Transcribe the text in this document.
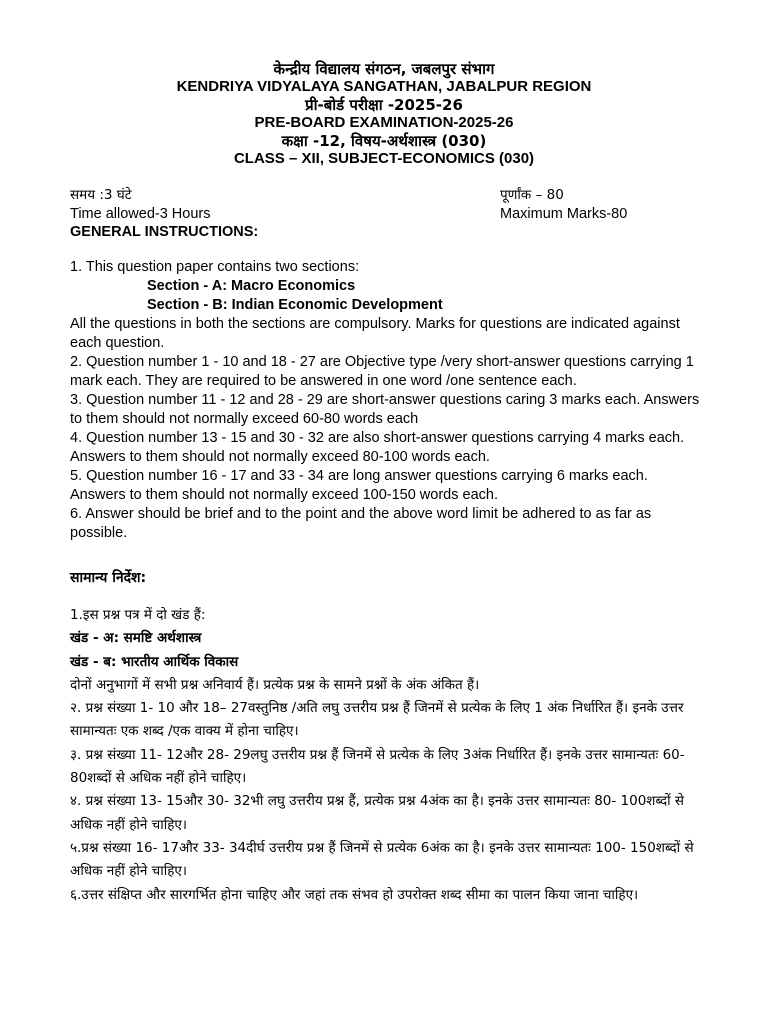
केन्द्रीय विद्यालय संगठन, जबलपुर संभाग
KENDRIYA VIDYALAYA SANGATHAN, JABALPUR REGION
प्री-बोर्ड परीक्षा -2025-26
PRE-BOARD EXAMINATION-2025-26
कक्षा -12, विषय-अर्थशास्त्र (030)
CLASS – XII, SUBJECT-ECONOMICS (030)
समय :3 घंटे	पूर्णांक – 80
Time allowed-3 Hours	Maximum Marks-80
GENERAL INSTRUCTIONS:
1. This question paper contains two sections:
Section - A: Macro Economics
Section - B: Indian Economic Development
All the questions in both the sections are compulsory. Marks for questions are indicated against each question.
2. Question number 1 - 10 and 18 - 27 are Objective type /very short-answer questions carrying 1 mark each. They are required to be answered in one word /one sentence each.
3. Question number 11 - 12 and 28 - 29 are short-answer questions caring 3 marks each. Answers to them should not normally exceed 60-80 words each
4. Question number 13 - 15 and 30 - 32 are also short-answer questions carrying 4 marks each. Answers to them should not normally exceed 80-100 words each.
5. Question number 16 - 17 and 33 - 34 are long answer questions carrying 6 marks each. Answers to them should not normally exceed 100-150 words each.
6. Answer should be brief and to the point and the above word limit be adhered to as far as possible.
सामान्य निर्देश:
1.इस प्रश्न पत्र में दो खंड हैं:
खंड - अ: समष्टि अर्थशास्त्र
खंड - ब: भारतीय आर्थिक विकास
दोनों अनुभागों में सभी प्रश्न अनिवार्य हैं। प्रत्येक प्रश्न के सामने प्रश्नों के अंक अंकित हैं।
२. प्रश्न संख्या 1- 10 और 18– 27वस्तुनिष्ठ /अति लघु उत्तरीय प्रश्न हैं जिनमें से प्रत्येक के लिए 1 अंक निर्धारित हैं। इनके उत्तर सामान्यतः एक शब्द /एक वाक्य में होना चाहिए।
३. प्रश्न संख्या 11- 12और 28- 29लघु उत्तरीय प्रश्न हैं जिनमें से प्रत्येक के लिए 3अंक निर्धारित हैं। इनके उत्तर सामान्यतः 60- 80शब्दों से अधिक नहीं होने चाहिए।
४. प्रश्न संख्या 13- 15और 30- 32भी लघु उत्तरीय प्रश्न हैं, प्रत्येक प्रश्न 4अंक का है। इनके उत्तर सामान्यतः 80- 100शब्दों से अधिक नहीं होने चाहिए।
५.प्रश्न संख्या 16- 17और 33- 34दीर्घ उत्तरीय प्रश्न हैं जिनमें से प्रत्येक 6अंक का है। इनके उत्तर सामान्यतः 100- 150शब्दों से अधिक नहीं होने चाहिए।
६.उत्तर संक्षिप्त और सारगर्भित होना चाहिए और जहां तक संभव हो उपरोक्त शब्द सीमा का पालन किया जाना चाहिए।
